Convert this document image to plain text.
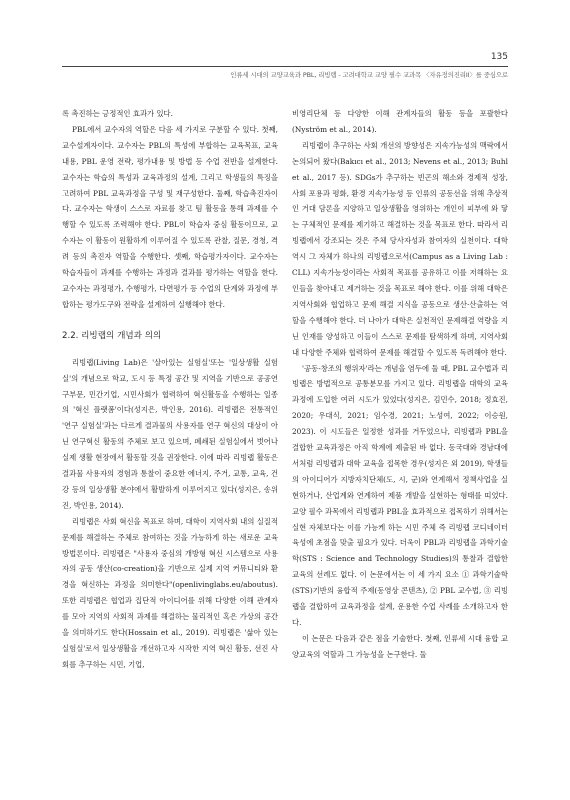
135
인류세 시대의 교양교육과 PBL, 리빙랩 - 고려대학교 교양 필수 교과목 〈자유정의진리II〉를 중심으로

록 촉진하는 긍정적인 효과가 있다.

PBL에서 교수자의 역할은 다음 세 가지로 구분할 수 있다. 첫째, 교수설계자이다. 교수자는 PBL의 특성에 부합하는 교육목표, 교육내용, PBL 운영 전략, 평가내용 및 방법 등 수업 전반을 설계한다. 교수자는 학습의 특성과 교육과정의 설계, 그리고 학생들의 특징을 고려하여 PBL 교육과정을 구성 및 재구성한다. 둘째, 학습촉진자이다. 교수자는 학생이 스스로 자료를 찾고 팀 활동을 통해 과제를 수행할 수 있도록 조력해야 한다. PBL이 학습자 중심 활동이므로, 교수자는 이 활동이 원활하게 이루어질 수 있도록 관찰, 질문, 경청, 격려 등의 촉진자 역할을 수행한다. 셋째, 학습평가자이다. 교수자는 학습자들이 과제를 수행하는 과정과 결과를 평가하는 역할을 한다. 교수자는 과정평가, 수행평가, 다면평가 등 수업의 단계와 과정에 부합하는 평가도구와 전략을 설계하여 실행해야 한다.

2.2. 리빙랩의 개념과 의의

리빙랩(Living Lab)은 '살아있는 실험실'또는 '일상생활 실험실'의 개념으로 학교, 도시 등 특정 공간 및 지역을 기반으로 공공연구부문, 민간기업, 시민사회가 협력하여 혁신활동을 수행하는 일종의 '혁신 플랫폼'이다(성지은, 박인용, 2016). 리빙랩은 전통적인 '연구 실험실'과는 다르게 결과물의 사용자를 연구 혁신의 대상이 아닌 연구혁신 활동의 주체로 보고 있으며, 폐쇄된 실험실에서 벗어나 실제 생활 현장에서 활동할 것을 권장한다. 이에 따라 리빙랩 활동은 결과물 사용자의 경험과 통찰이 중요한 에너지, 주거, 교통, 교육, 건강 등의 일상생활 분야에서 활발하게 이루어지고 있다(성지은, 송위진, 박인용, 2014).

리빙랩은 사회 혁신을 목표로 하며, 대학이 지역사회 내의 실질적 문제를 해결하는 주체로 참여하는 것을 가능하게 하는 새로운 교육방법론이다. 리빙랩은 "사용자 중심의 개방형 혁신 시스템으로 사용자의 공동 생산(co-creation)을 기반으로 실제 지역 커뮤니티와 환경을 혁신하는 과정을 의미한다"(openlivinglabs.eu/aboutus). 또한 리빙랩은 협업과 집단적 아이디어를 위해 다양한 이해 관계자를 모아 지역의 사회적 과제를 해결하는 물리적인 혹은 가상의 공간을 의미하기도 한다(Hossain et al., 2019). 리빙랩은 '삶아 있는 실험실'로서 일상생활을 개선하고자 시작한 지역 혁신 활동, 선진 사회를 추구하는 시민, 기업,

비영리단체 등 다양한 이해 관계자들의 활동 등을 포괄한다(Nyström et al., 2014).

리빙랩이 추구하는 사회 개선의 방향성은 지속가능성의 맥락에서 논의되어 왔다(Bakıcı et al., 2013; Nevens et al., 2013; Buhl et al., 2017 등). SDGs가 추구하는 빈곤의 해소와 경제적 성장, 사회 포용과 평화, 환경 지속가능성 등 인류의 공동선을 위해 추상적인 거대 담론을 지양하고 일상생활을 영위하는 개인이 피부에 와 닿는 구체적인 문제를 제기하고 해결하는 것을 목표로 한다. 따라서 리빙랩에서 강조되는 것은 주체 당사자성과 참여자의 실천이다. 대학 역시 그 자체가 하나의 리빙랩으로서(Campus as a Living Lab : CLL) 지속가능성이라는 사회적 목표를 공유하고 이를 저해하는 요인들을 찾아내고 제거하는 것을 목표로 해야 한다. 이를 위해 대학은 지역사회와 협업하고 문제 해결 지식을 공동으로 생산·산출하는 역할을 수행해야 한다. 더 나아가 대학은 실천적인 문제해결 역량을 지닌 인재를 양성하고 이들이 스스로 문제를 탐색하게 하며, 지역사회 내 다양한 주체와 협력하여 문제를 해결할 수 있도록 독려해야 한다.

'공동-창조의 행위자'라는 개념을 염두에 둘 때, PBL 교수법과 리빙랩은 방법적으로 공통분모를 가지고 있다. 리빙랩을 대학의 교육과정에 도입한 여러 시도가 있었다(성지은, 김민수, 2018; 정효진, 2020; 우대식, 2021; 임수경, 2021; 노성여, 2022; 이승원, 2023). 이 시도들은 일정한 성과를 거두었으나, 리빙랩과 PBL을 결합한 교육과정은 아직 학계에 제출된 바 없다. 동국대와 경남대에서처럼 리빙랩과 대학 교육을 접목한 경우(성지은 외 2019), 학생들의 아이디어가 지방자치단체(도, 시, 군)와 연계해서 정책사업을 실현하거나, 산업계와 연계하여 제품 개발을 실현하는 형태를 띠었다. 교양 필수 과목에서 리빙랩과 PBL을 효과적으로 접목하기 위해서는 실현 자체보다는 이를 가능케 하는 시민 주체 즉 리빙랩 코디네이터 육성에 초점을 맞출 필요가 있다. 더욱이 PBL과 리빙랩을 과학기술학(STS : Science and Technology Studies)의 통찰과 결합한 교육의 선례도 없다. 이 논문에서는 이 세 가지 요소 ① 과학기술학(STS)기반의 융합적 주제(동영상 콘텐츠), ② PBL 교수법, ③ 리빙랩을 결합하여 교육과정을 설계, 운용한 수업 사례를 소개하고자 한다.

이 논문은 다음과 같은 점을 기술한다. 첫째, 인류세 시대 융합 교양교육의 역할과 그 가능성을 논구한다. 둘
